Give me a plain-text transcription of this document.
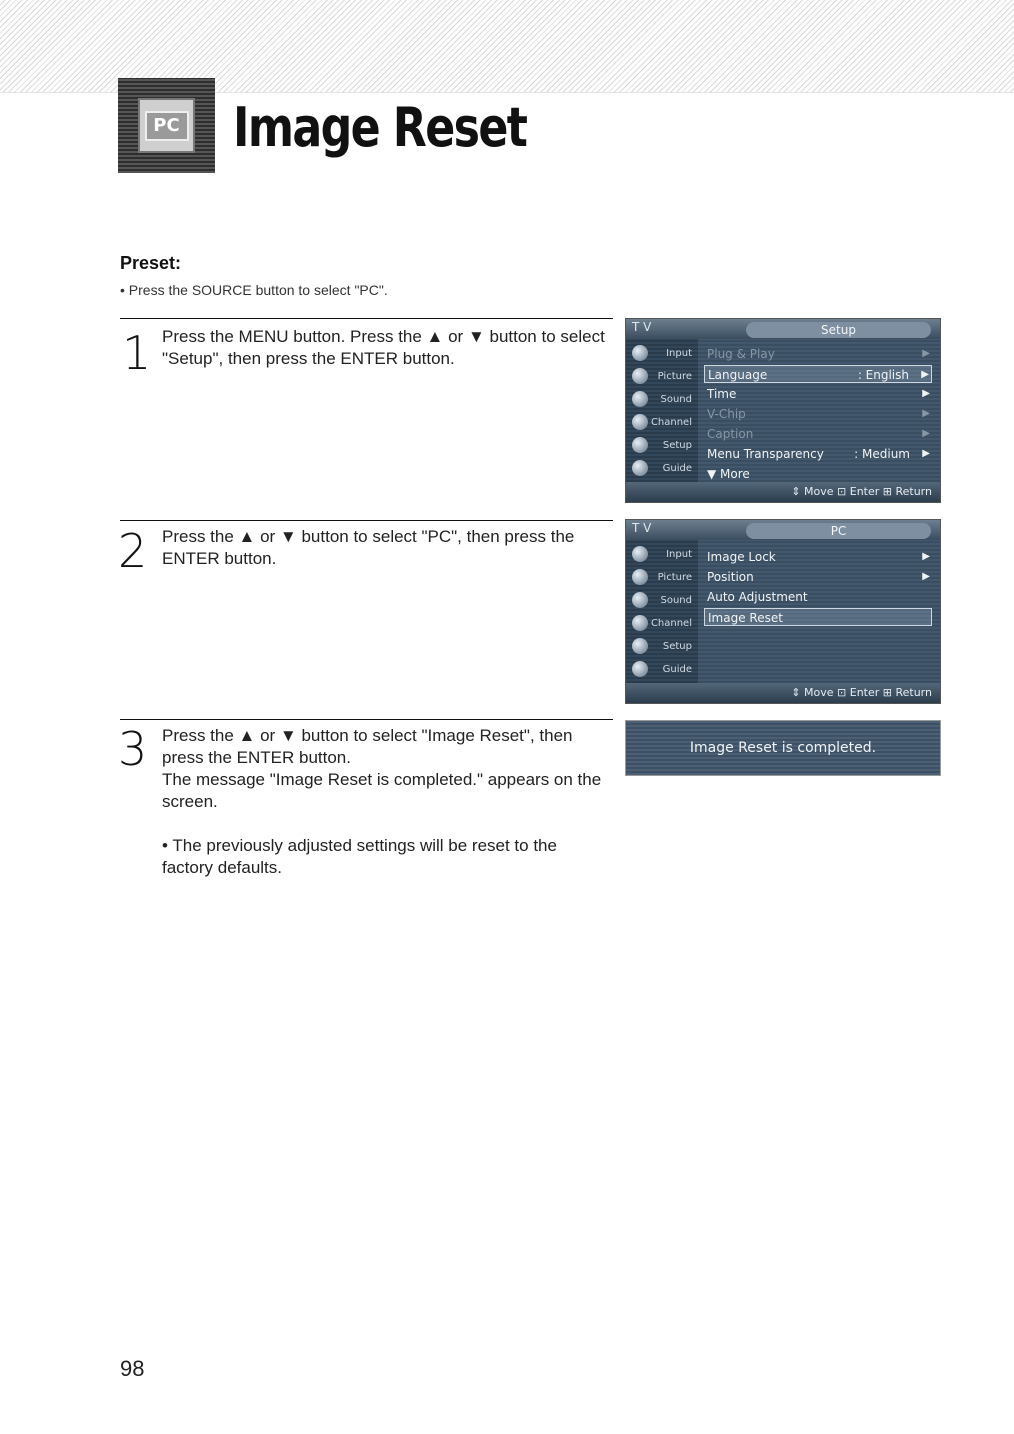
PC Image Reset
Preset:
• Press the SOURCE button to select "PC".
1 Press the MENU button. Press the ▲ or ▼ button to select "Setup", then press the ENTER button.
T V	Setup
Input
Picture
Sound
Channel
Setup
Guide
Plug & Play	▶
Language	: English ▶
Time	▶
V-Chip	▶
Caption	▶
Menu Transparency	: Medium ▶
▼ More
⇕ Move ⊡ Enter ⊞ Return
2 Press the ▲ or ▼ button to select "PC", then press the ENTER button.
T V	PC
Input
Picture
Sound
Channel
Setup
Guide
Image Lock	▶
Position	▶
Auto Adjustment
Image Reset
⇕ Move ⊡ Enter ⊞ Return
3 Press the ▲ or ▼ button to select "Image Reset", then press the ENTER button.
The message "Image Reset is completed." appears on the screen.
Image Reset is completed.
• The previously adjusted settings will be reset to the factory defaults.
98
